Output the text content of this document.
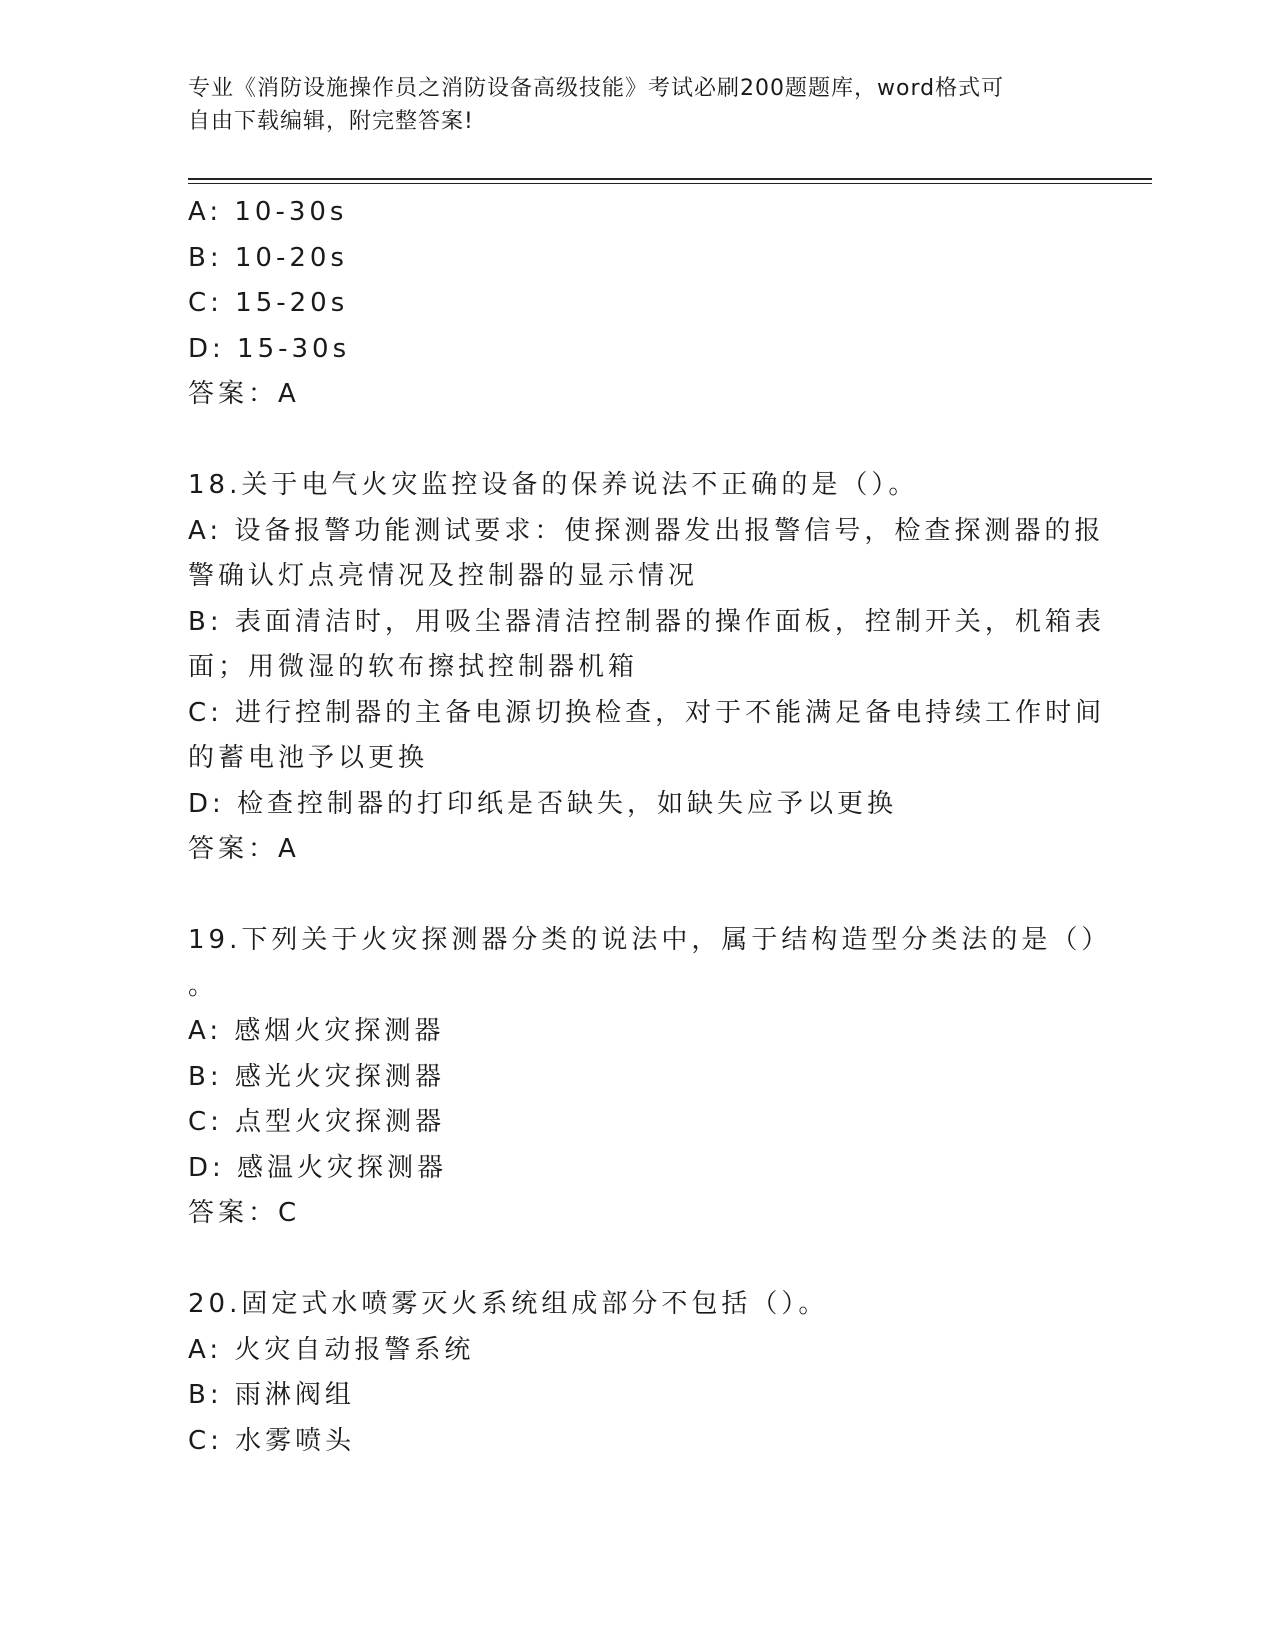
专业《消防设施操作员之消防设备高级技能》考试必刷200题题库，word格式可
自由下载编辑，附完整答案!
A: 10-30s
B: 10-20s
C: 15-20s
D: 15-30s
答案：A
18.关于电气火灾监控设备的保养说法不正确的是（）。
A: 设备报警功能测试要求：使探测器发出报警信号，检查探测器的报
警确认灯点亮情况及控制器的显示情况
B: 表面清洁时，用吸尘器清洁控制器的操作面板，控制开关，机箱表
面；用微湿的软布擦拭控制器机箱
C: 进行控制器的主备电源切换检查，对于不能满足备电持续工作时间
的蓄电池予以更换
D: 检查控制器的打印纸是否缺失，如缺失应予以更换
答案：A
19.下列关于火灾探测器分类的说法中，属于结构造型分类法的是（）
。
A: 感烟火灾探测器
B: 感光火灾探测器
C: 点型火灾探测器
D: 感温火灾探测器
答案：C
20.固定式水喷雾灭火系统组成部分不包括（）。
A: 火灾自动报警系统
B: 雨淋阀组
C: 水雾喷头
